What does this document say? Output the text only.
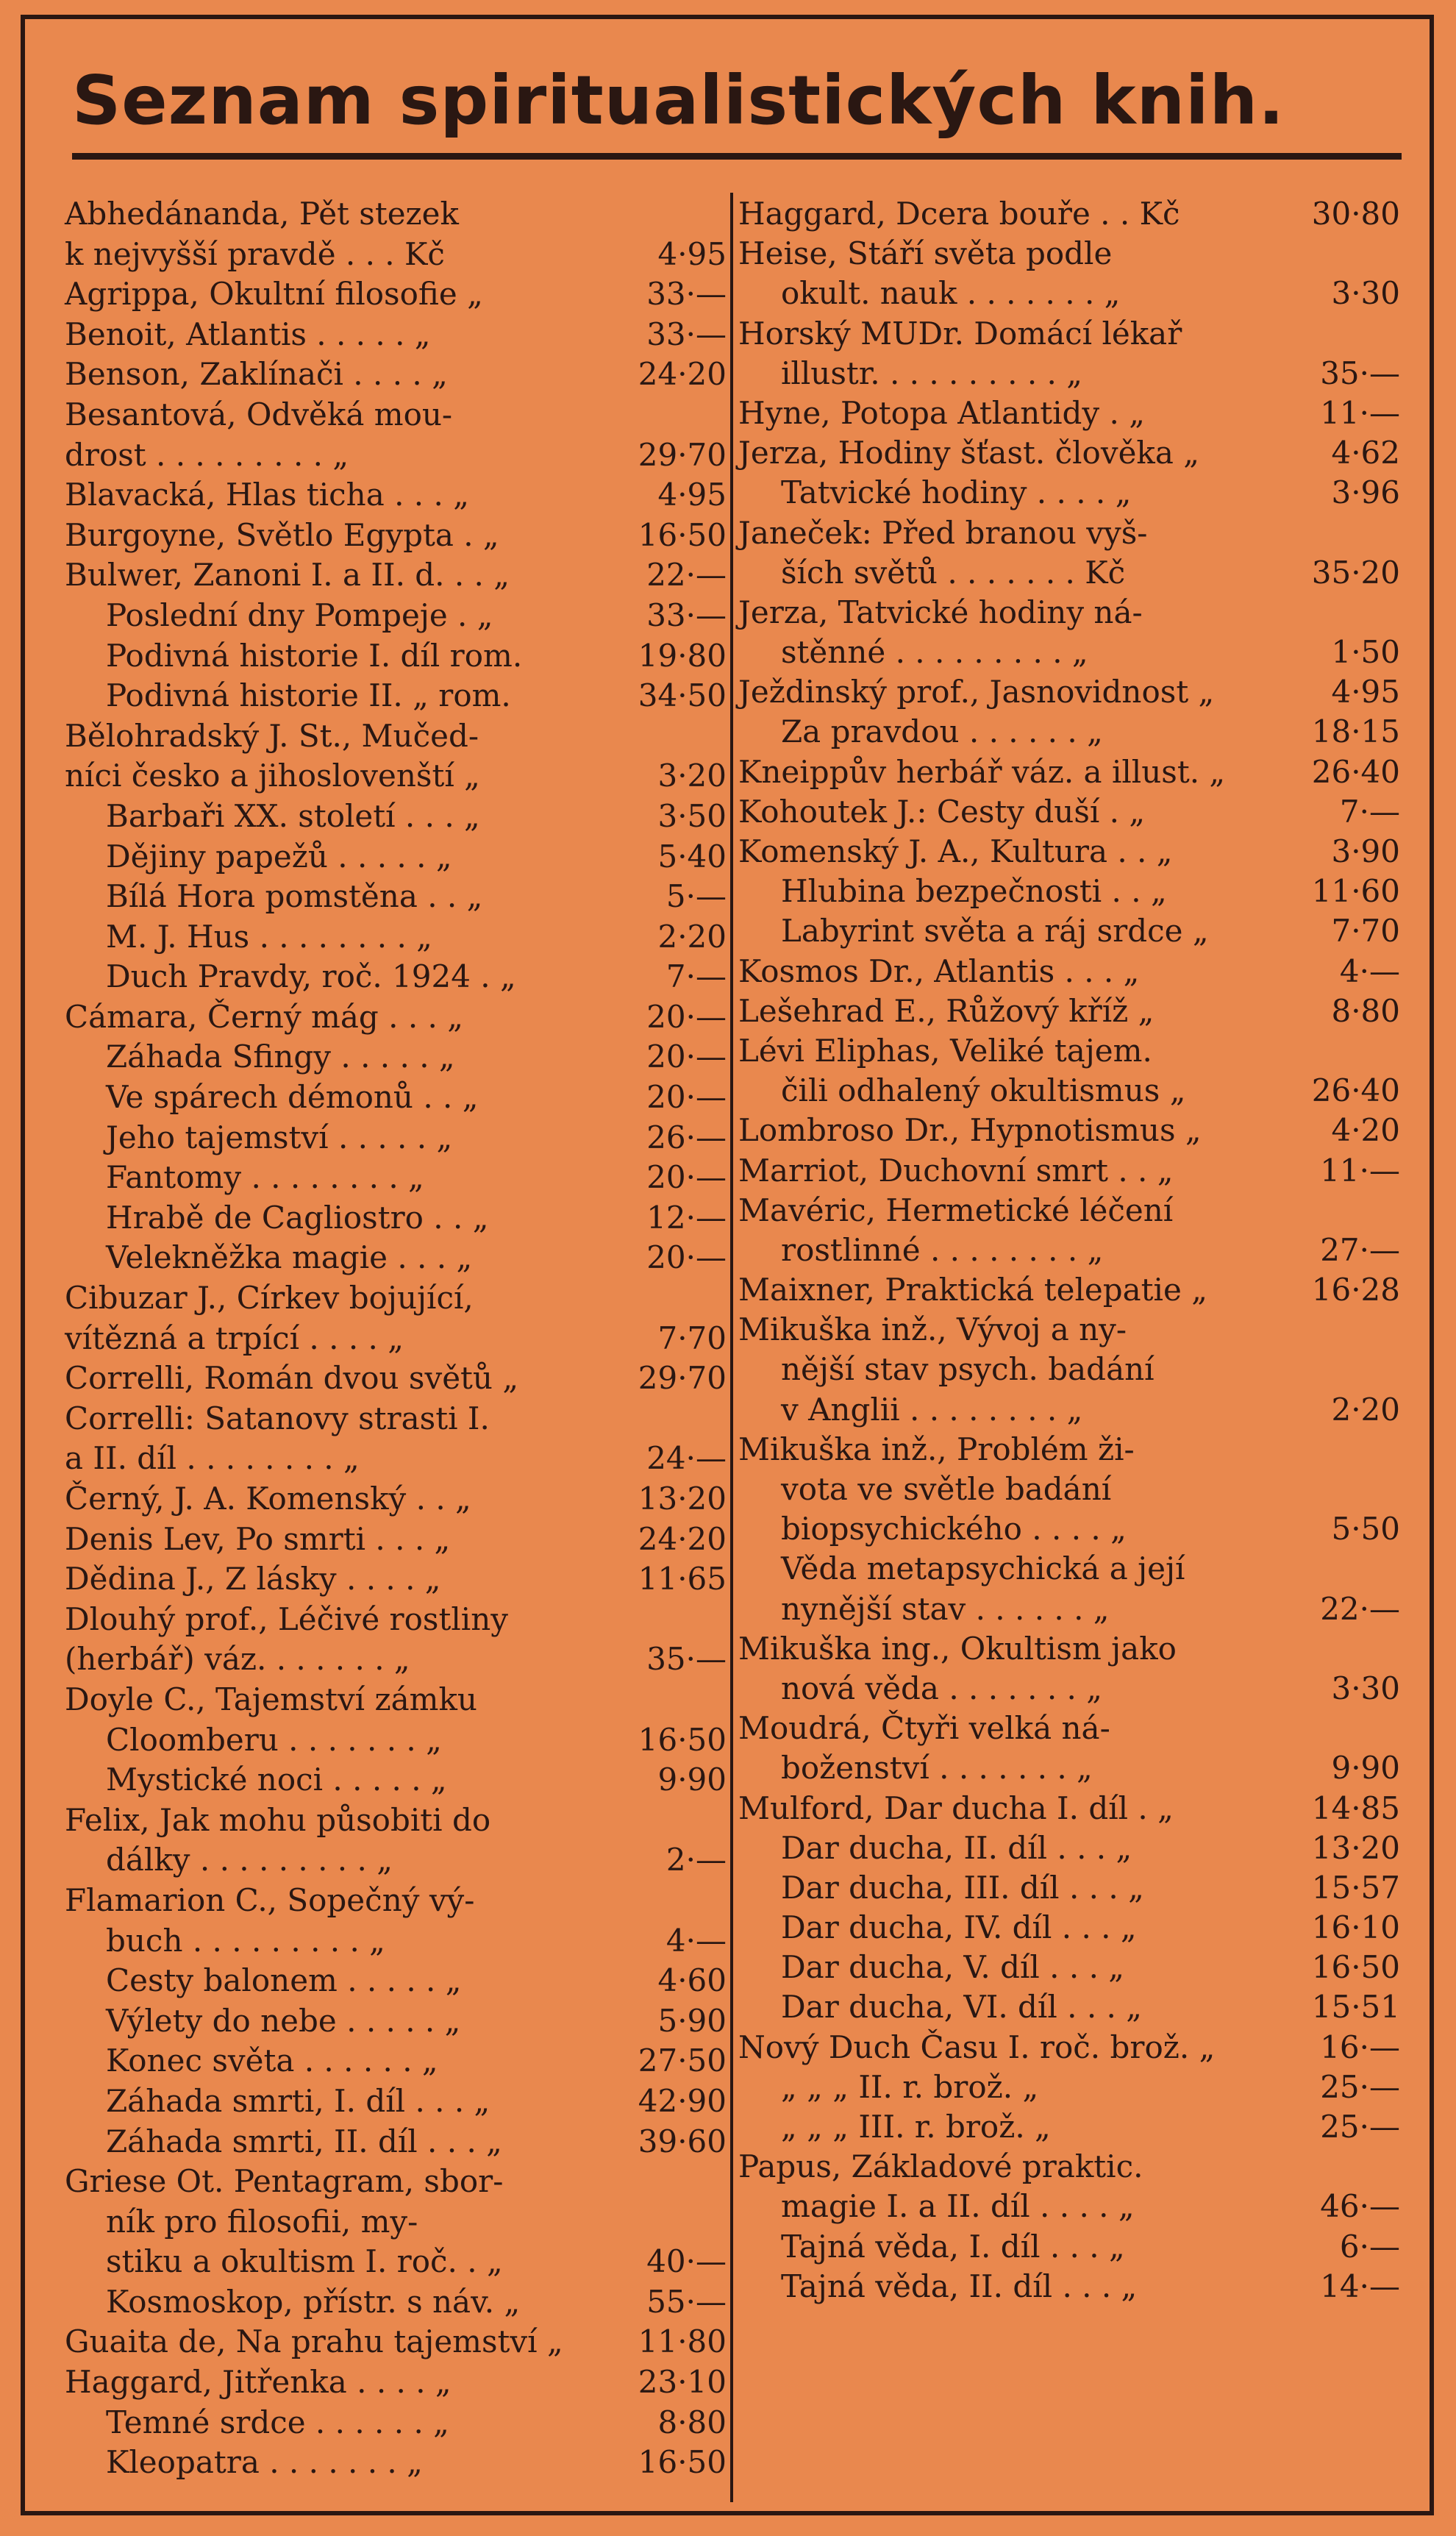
Seznam spiritualistických knih.
Abhedánanda, Pět stezek
k nejvyšší pravdě . . . Kč	4·95
Agrippa, Okultní filosofie „	33·—
Benoit, Atlantis . . . . . „	33·—
Benson, Zaklínači . . . . „	24·20
Besantová, Odvěká mou-
drost . . . . . . . . . „	29·70
Blavacká, Hlas ticha . . . „	4·95
Burgoyne, Světlo Egypta . „	16·50
Bulwer, Zanoni I. a II. d. . . „	22·—
Poslední dny Pompeje . „	33·—
Podivná historie I. díl rom.	19·80
Podivná historie II. „ rom.	34·50
Bělohradský J. St., Mučed-
níci česko a jihoslovenští „	3·20
Barbaři XX. století . . . „	3·50
Dějiny papežů . . . . . „	5·40
Bílá Hora pomstěna . . „	5·—
M. J. Hus . . . . . . . . „	2·20
Duch Pravdy, roč. 1924 . „	7·—
Cámara, Černý mág . . . „	20·—
Záhada Sfingy . . . . . „	20·—
Ve spárech démonů . . „	20·—
Jeho tajemství . . . . . „	26·—
Fantomy . . . . . . . . „	20·—
Hrabě de Cagliostro . . „	12·—
Velekněžka magie . . . „	20·—
Cibuzar J., Církev bojující,
vítězná a trpící . . . . „	7·70
Correlli, Román dvou světů „	29·70
Correlli: Satanovy strasti I.
a II. díl . . . . . . . . „	24·—
Černý, J. A. Komenský . . „	13·20
Denis Lev, Po smrti . . . „	24·20
Dědina J., Z lásky . . . . „	11·65
Dlouhý prof., Léčivé rostliny
(herbář) váz. . . . . . . „	35·—
Doyle C., Tajemství zámku
Cloomberu . . . . . . . „	16·50
Mystické noci . . . . . „	9·90
Felix, Jak mohu působiti do
dálky . . . . . . . . . „	2·—
Flamarion C., Sopečný vý-
buch . . . . . . . . . „	4·—
Cesty balonem . . . . . „	4·60
Výlety do nebe . . . . . „	5·90
Konec světa . . . . . . „	27·50
Záhada smrti, I. díl . . . „	42·90
Záhada smrti, II. díl . . . „	39·60
Griese Ot. Pentagram, sbor-
ník pro filosofii, my-
stiku a okultism I. roč. . „	40·—
Kosmoskop, přístr. s náv. „	55·—
Guaita de, Na prahu tajemství „ 11·80
Haggard, Jitřenka . . . . „	23·10
Temné srdce . . . . . . „	8·80
Kleopatra . . . . . . . „	16·50
Haggard, Dcera bouře . . Kč	30·80
Heise, Stáří světa podle
okult. nauk . . . . . . . „	3·30
Horský MUDr. Domácí lékař
illustr. . . . . . . . . . „	35·—
Hyne, Potopa Atlantidy . „	11·—
Jerza, Hodiny šťast. člověka „	4·62
Tatvické hodiny . . . . „	3·96
Janeček: Před branou vyš-
ších světů . . . . . . . Kč	35·20
Jerza, Tatvické hodiny ná-
stěnné . . . . . . . . . „	1·50
Ježdinský prof., Jasnovidnost „	4·95
Za pravdou . . . . . . „	18·15
Kneippův herbář váz. a illust. „	26·40
Kohoutek J.: Cesty duší . „	7·—
Komenský J. A., Kultura . . „	3·90
Hlubina bezpečnosti . . „	11·60
Labyrint světa a ráj srdce „	7·70
Kosmos Dr., Atlantis . . . „	4·—
Lešehrad E., Růžový kříž „	8·80
Lévi Eliphas, Veliké tajem.
čili odhalený okultismus „	26·40
Lombroso Dr., Hypnotismus „	4·20
Marriot, Duchovní smrt . . „	11·—
Mavéric, Hermetické léčení
rostlinné . . . . . . . . „	27·—
Maixner, Praktická telepatie „	16·28
Mikuška inž., Vývoj a ny-
nější stav psych. badání
v Anglii . . . . . . . . „	2·20
Mikuška inž., Problém ži-
vota ve světle badání
biopsychického . . . . „	5·50
Věda metapsychická a její
nynější stav . . . . . . „	22·—
Mikuška ing., Okultism jako
nová věda . . . . . . . „	3·30
Moudrá, Čtyři velká ná-
boženství . . . . . . . „	9·90
Mulford, Dar ducha I. díl . „	14·85
Dar ducha, II. díl . . . „	13·20
Dar ducha, III. díl . . . „	15·57
Dar ducha, IV. díl . . . „	16·10
Dar ducha, V. díl . . . „	16·50
Dar ducha, VI. díl . . . „	15·51
Nový Duch Času I. roč. brož. „	16·—
„ „ „ II. r. brož. „	25·—
„ „ „ III. r. brož. „	25·—
Papus, Základové praktic.
magie I. a II. díl . . . . „	46·—
Tajná věda, I. díl . . . „	6·—
Tajná věda, II. díl . . . „	14·—
